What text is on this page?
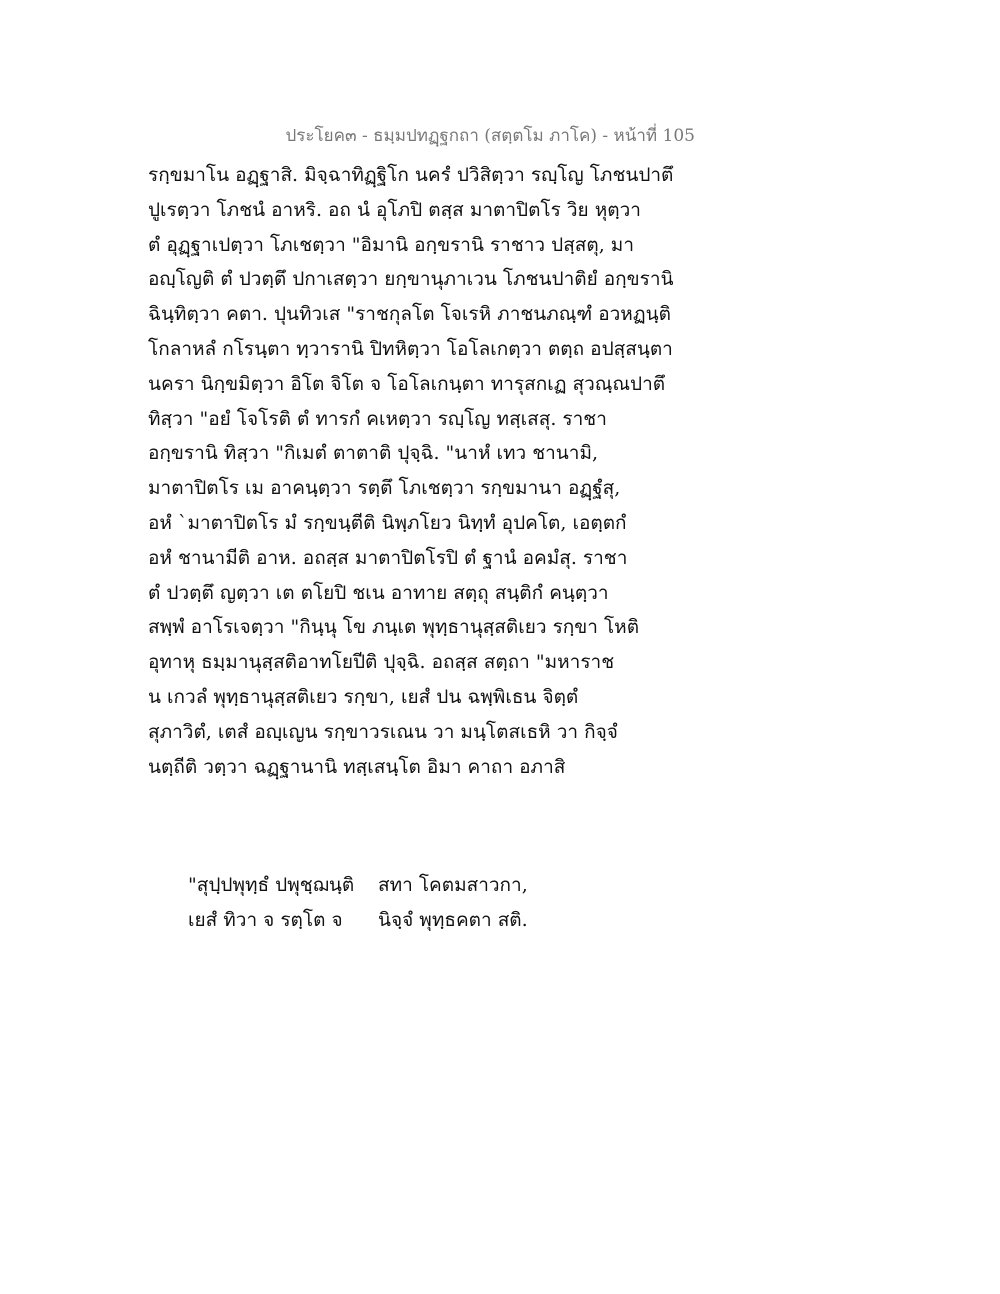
ประโยค๓ - ธมฺมปทฏฺฐกถา (สตฺตโม ภาโค) - หน้าที่ 105
รกฺขมาโน อฏฺฐาสิ. มิจฺฉาทิฏฺฐิโก นครํ ปวิสิตฺวา รญฺโญ โภชนปาตึ
ปูเรตฺวา โภชนํ อาหริ. อถ นํ อุโภปิ ตสฺส มาตาปิตโร วิย หุตฺวา
ตํ อุฏฺฐาเปตฺวา โภเชตฺวา "อิมานิ อกฺขรานิ ราชาว ปสฺสตุ, มา
อญฺโญติ ตํ ปวตฺตึ ปกาเสตฺวา ยกฺขานุภาเวน โภชนปาติยํ อกฺขรานิ
ฉินฺทิตฺวา คตา. ปุนทิวเส "ราชกุลโต โจเรหิ ภาชนภณฺฑํ อวหฏนฺติ
โกลาหลํ กโรนฺตา ทฺวารานิ ปิทหิตฺวา โอโลเกตฺวา ตตฺถ อปสฺสนฺตา
นครา นิกฺขมิตฺวา อิโต จิโต จ โอโลเกนฺตา ทารุสกเฏ สุวณฺณปาตึ
ทิสฺวา "อยํ โจโรติ ตํ ทารกํ คเหตฺวา รญฺโญ ทสฺเสสุ. ราชา
อกฺขรานิ ทิสฺวา "กิเมตํ ตาตาติ ปุจฺฉิ. "นาหํ เทว ชานามิ,
มาตาปิตโร เม อาคนฺตฺวา รตฺตึ โภเชตฺวา รกฺขมานา อฏฺฐํสุ,
อหํ `มาตาปิตโร มํ รกฺขนฺตีติ นิพฺภโยว นิทฺทํ อุปคโต, เอตฺตกํ
อหํ ชานามีติ อาห. อถสฺส มาตาปิตโรปิ ตํ ฐานํ อคมํสุ. ราชา
ตํ ปวตฺตึ ญตฺวา เต ตโยปิ ชเน อาทาย สตฺถุ สนฺติกํ คนฺตฺวา
สพฺพํ อาโรเจตฺวา "กินฺนุ โข ภนฺเต พุทฺธานุสฺสติเยว รกฺขา โหติ
อุทาหุ ธมฺมานุสฺสติอาทโยปีติ ปุจฺฉิ. อถสฺส สตฺถา "มหาราช
น เกวลํ พุทฺธานุสฺสติเยว รกฺขา, เยสํ ปน ฉพฺพิเธน จิตฺตํ
สุภาวิตํ, เตสํ อญฺเญน รกฺขาวรเณน วา มนฺโตสเธหิ วา กิจฺจํ
นตฺถีติ วตฺวา ฉฏฺฐานานิ ทสฺเสนฺโต อิมา คาถา อภาสิ
"สุปฺปพุทฺธํ ปพุชฺฌนฺติ	สทา โคตมสาวกา,
เยสํ ทิวา จ รตฺโต จ	นิจฺจํ พุทฺธคตา สติ.
